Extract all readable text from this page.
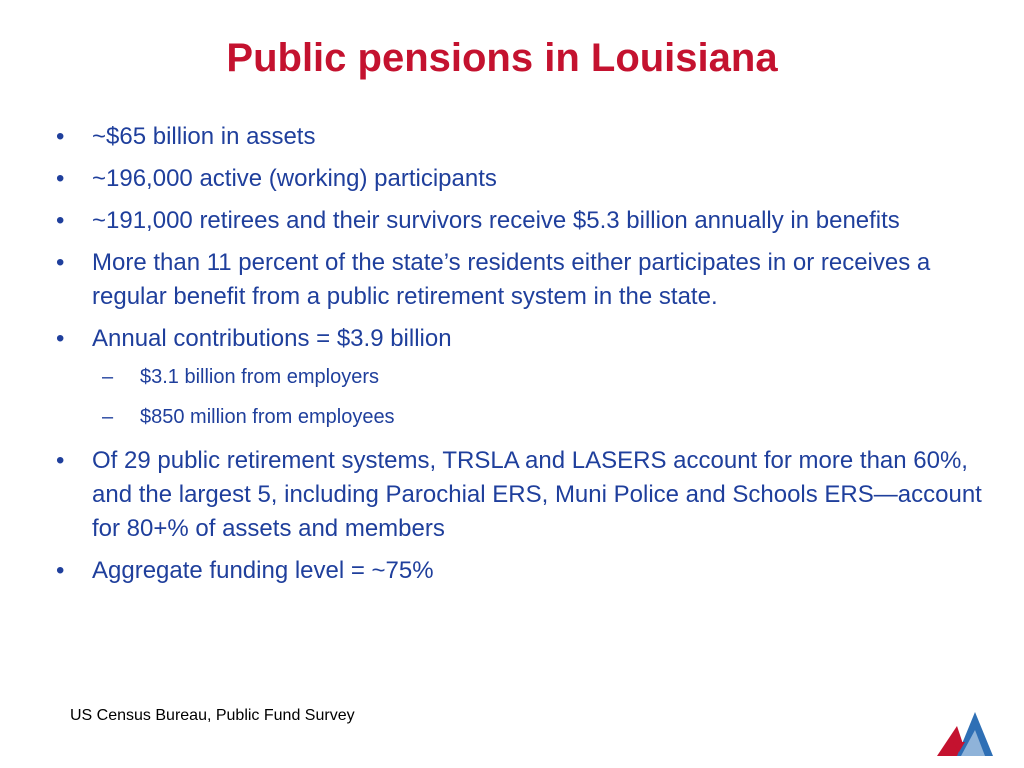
Public pensions in Louisiana
•	~$65 billion in assets
•	~196,000 active (working) participants
•	~191,000 retirees and their survivors receive $5.3 billion annually in benefits
•	More than 11 percent of the state’s residents either participates in or receives a regular benefit from a public retirement system in the state.
•	Annual contributions = $3.9 billion
– $3.1 billion from employers
– $850 million from employees
•	Of 29 public retirement systems, TRSLA and LASERS account for more than 60%, and the largest 5, including Parochial ERS, Muni Police and Schools ERS—account for 80+% of assets and members
•	Aggregate funding level = ~75%
US Census Bureau, Public Fund Survey
